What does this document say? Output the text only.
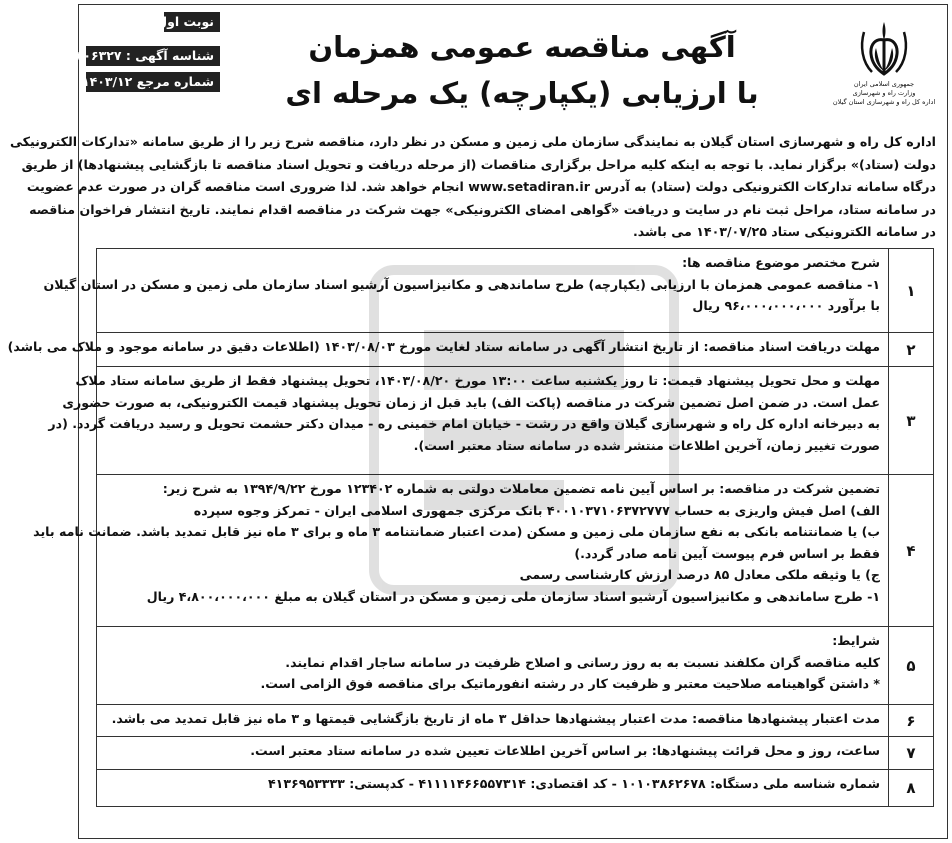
جمهوری اسلامی ایران

وزارت راه و شهرسازی

اداره کل راه و شهرسازی استان گیلان

آگهی مناقصه عمومی همزمان

با ارزیابی (یکپارچه) یک مرحله ای

نوبت اول
شناسه آگهی : ۱۸۰۶۳۲۷
شماره مرجع ۱۴۰۳/۱۲
اداره کل راه و شهرسازی استان گیلان به نمایندگی سازمان ملی زمین و مسکن در نظر دارد، مناقصه شرح زیر را از طریق سامانه «تدارکات الکترونیکی
دولت (ستاد)» برگزار نماید. با توجه به اینکه کلیه مراحل برگزاری مناقصات (از مرحله دریافت و تحویل اسناد مناقصه تا بازگشایی پیشنهادها) از طریق
درگاه سامانه تدارکات الکترونیکی دولت (ستاد) به آدرس www.setadiran.ir انجام خواهد شد. لذا ضروری است مناقصه گران در صورت عدم عضویت
در سامانه ستاد، مراحل ثبت نام در سایت و دریافت «گواهی امضای الکترونیکی» جهت شرکت در مناقصه اقدام نمایند. تاریخ انتشار فراخوان مناقصه
در سامانه الکترونیکی ستاد ۱۴۰۳/۰۷/۲۵ می باشد.
۱
شرح مختصر موضوع مناقصه ها:
۱- مناقصه عمومی همزمان با ارزیابی (یکپارچه) طرح ساماندهی و مکانیزاسیون آرشیو اسناد سازمان ملی زمین و مسکن در استان گیلان
با برآورد ۹۶،۰۰۰،۰۰۰،۰۰۰ ریال
۲
مهلت دریافت اسناد مناقصه: از تاریخ انتشار آگهی در سامانه ستاد لغایت مورخ ۱۴۰۳/۰۸/۰۳ (اطلاعات دقیق در سامانه موجود و ملاک می باشد)
۳
مهلت و محل تحویل پیشنهاد قیمت: تا روز یکشنبه ساعت ۱۳:۰۰ مورخ ۱۴۰۳/۰۸/۲۰، تحویل پیشنهاد فقط از طریق سامانه ستاد ملاک
عمل است. در ضمن اصل تضمین شرکت در مناقصه (پاکت الف) باید قبل از زمان تحویل پیشنهاد قیمت الکترونیکی، به صورت حضوری
به دبیرخانه اداره کل راه و شهرسازی گیلان واقع در رشت - خیابان امام خمینی ره - میدان دکتر حشمت تحویل و رسید دریافت گردد. (در
صورت تغییر زمان، آخرین اطلاعات منتشر شده در سامانه ستاد معتبر است).
۴
تضمین شرکت در مناقصه: بر اساس آیین نامه تضمین معاملات دولتی به شماره ۱۲۳۴۰۲ مورخ ۱۳۹۴/۹/۲۲ به شرح زیر:
الف) اصل فیش واریزی به حساب ۴۰۰۱۰۳۷۱۰۶۳۷۲۷۷۷ بانک مرکزی جمهوری اسلامی ایران - تمرکز وجوه سپرده
ب) یا ضمانتنامه بانکی به نفع سازمان ملی زمین و مسکن (مدت اعتبار ضمانتنامه ۳ ماه و برای ۳ ماه نیز قابل تمدید باشد. ضمانت نامه باید
فقط بر اساس فرم پیوست آیین نامه صادر گردد.)
ج) یا وثیقه ملکی معادل ۸۵ درصد ارزش کارشناسی رسمی
۱- طرح ساماندهی و مکانیزاسیون آرشیو اسناد سازمان ملی زمین و مسکن در استان گیلان به مبلغ ۴،۸۰۰،۰۰۰،۰۰۰ ریال
۵
شرایط:
کلیه مناقصه گران مکلفند نسبت به به روز رسانی و اصلاح ظرفیت در سامانه ساجار اقدام نمایند.
* داشتن گواهینامه صلاحیت معتبر و ظرفیت کار در رشته انفورماتیک برای مناقصه فوق الزامی است.
۶
مدت اعتبار پیشنهادها مناقصه: مدت اعتبار پیشنهادها حداقل ۳ ماه از تاریخ بازگشایی قیمتها و ۳ ماه نیز قابل تمدید می باشد.
۷
ساعت، روز و محل قرائت پیشنهادها: بر اساس آخرین اطلاعات تعیین شده در سامانه ستاد معتبر است.
۸
شماره شناسه ملی دستگاه: ۱۰۱۰۳۸۶۲۶۷۸ - کد اقتصادی: ۴۱۱۱۱۴۶۶۵۵۷۳۱۴ - کدپستی: ۴۱۳۶۹۵۳۳۳۳
